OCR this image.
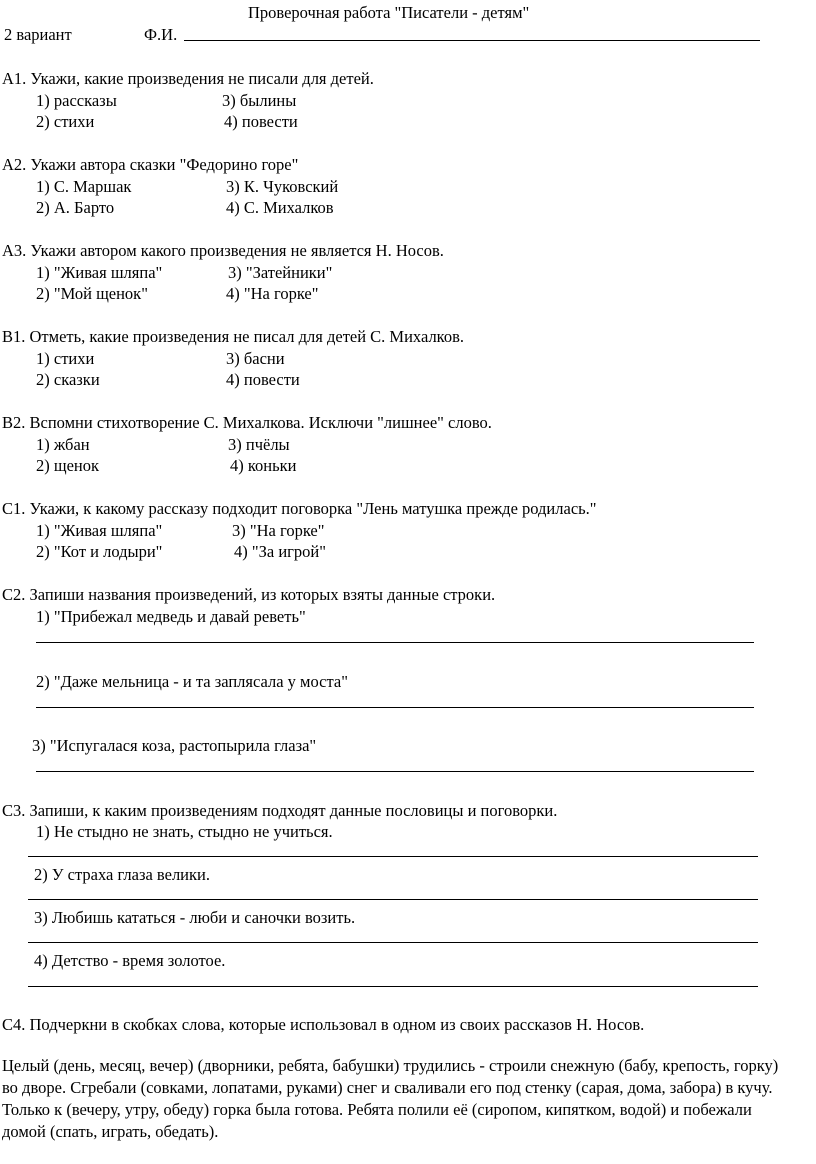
Проверочная работа "Писатели - детям"
2 вариант	Ф.И.
А1. Укажи, какие произведения не писали для детей.
1) рассказы	3) былины
2) стихи	4) повести
А2. Укажи автора сказки "Федорино горе"
1) С. Маршак	3) К. Чуковский
2) А. Барто	4) С. Михалков
А3. Укажи автором какого произведения не является Н. Носов.
1) "Живая шляпа"	3) "Затейники"
2) "Мой щенок"	4) "На горке"
В1. Отметь, какие произведения не писал для детей С. Михалков.
1) стихи	3) басни
2) сказки	4) повести
В2. Вспомни стихотворение С. Михалкова. Исключи "лишнее" слово.
1) жбан	3) пчёлы
2) щенок	4) коньки
С1. Укажи, к какому рассказу подходит поговорка "Лень матушка прежде родилась."
1) "Живая шляпа"	3) "На горке"
2) "Кот и лодыри"	4) "За игрой"
С2. Запиши названия произведений, из которых взяты данные строки.
1) "Прибежал медведь и давай реветь"
2) "Даже мельница - и та заплясала у моста"
3) "Испугалася коза, растопырила глаза"
С3. Запиши, к каким произведениям подходят данные пословицы и поговорки.
1) Не стыдно не знать, стыдно не учиться.
2) У страха глаза велики.
3) Любишь кататься - люби и саночки возить.
4) Детство - время золотое.
С4. Подчеркни в скобках слова, которые использовал в одном из своих рассказов Н. Носов.
Целый (день, месяц, вечер) (дворники, ребята, бабушки) трудились - строили снежную (бабу, крепость, горку) во дворе. Сгребали (совками, лопатами, руками) снег и сваливали его под стенку (сарая, дома, забора) в кучу. Только к (вечеру, утру, обеду) горка была готова. Ребята полили её (сиропом, кипятком, водой) и побежали домой (спать, играть, обедать).
